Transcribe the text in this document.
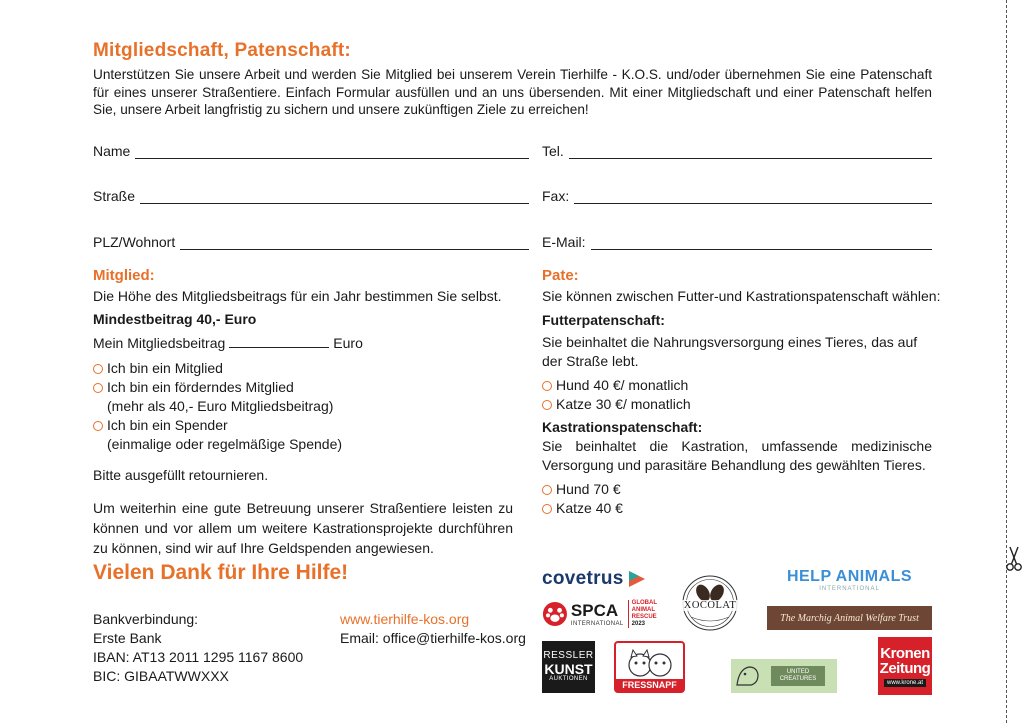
Mitgliedschaft, Patenschaft:
Unterstützen Sie unsere Arbeit und werden Sie Mitglied bei unserem Verein Tierhilfe - K.O.S. und/oder übernehmen Sie eine Patenschaft für eines unserer Straßentiere. Einfach Formular ausfüllen und an uns übersenden. Mit einer Mitgliedschaft und einer Patenschaft helfen Sie, unsere Arbeit langfristig zu sichern und unsere zukünftigen Ziele zu erreichen!
Name	Tel.
Straße	Fax:
PLZ/Wohnort	E-Mail:
Mitglied:
Die Höhe des Mitgliedsbeitrags für ein Jahr bestimmen Sie selbst.
Mindestbeitrag 40,- Euro
Mein Mitgliedsbeitrag	Euro
Ich bin ein Mitglied
Ich bin ein förderndes Mitglied
(mehr als 40,- Euro Mitgliedsbeitrag)
Ich bin ein Spender
(einmalige oder regelmäßige Spende)
Bitte ausgefüllt retournieren.
Um weiterhin eine gute Betreuung unserer Straßentiere leisten zu können und vor allem um weitere Kastrationsprojekte durchführen zu können, sind wir auf Ihre Geldspenden angewiesen.
Vielen Dank für Ihre Hilfe!
Pate:
Sie können zwischen Futter-und Kastrationspatenschaft wählen:
Futterpatenschaft:
Sie beinhaltet die Nahrungsversorgung eines Tieres, das auf der Straße lebt.
Hund 40 €/ monatlich
Katze 30 €/ monatlich
Kastrationspatenschaft:
Sie beinhaltet die Kastration, umfassende medizinische Versorgung und parasitäre Behandlung des gewählten Tieres.
Hund 70 €
Katze 40 €
Bankverbindung:
Erste Bank
IBAN: AT13 2011 1295 1167 8600
BIC: GIBAATWWXXX
www.tierhilfe-kos.org
Email: office@tierhilfe-kos.org
covetrus
SPCA
INTERNATIONAL
GLOBAL
ANIMAL
RESCUE
2023
XOCOLAT
HELP ANIMALS
INTERNATIONAL
The Marchig Animal Welfare Trust
RESSLER
KUNST
AUKTIONEN
FRESSNAPF
UNITED CREATURES
Kronen
Zeitung
www.krone.at
